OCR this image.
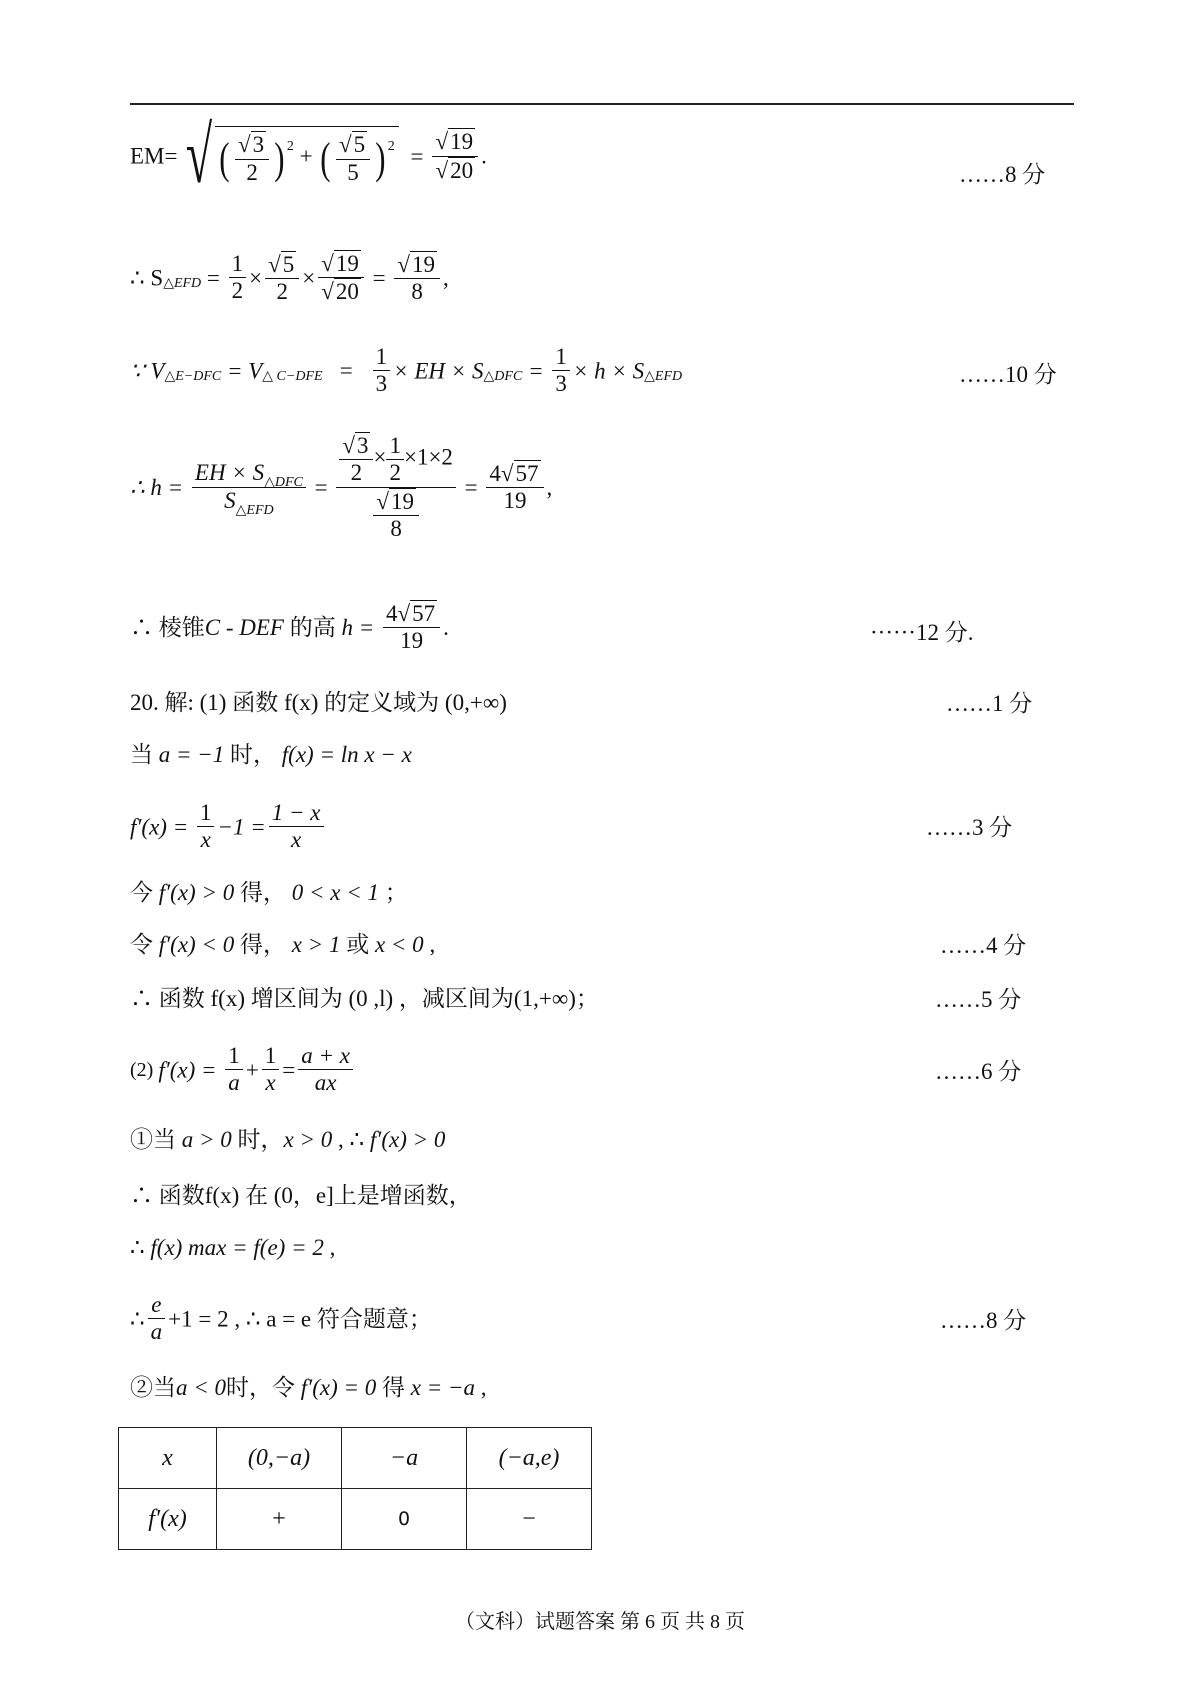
EM= √ ( $\frac{√3}{2}$ ) $^2$ + ( $\frac{√5}{5}$ ) $^2 = \frac{√19}{√20}$ .
……8 分
∴ $S_{\triangle EFD} = \frac{1}{2} \times \frac{√5}{2} \times \frac{√19}{√20} = \frac{√19}{8}$ ,
∵ $V_{\triangle E-DFC} = V_{\triangle C-DFE} = \frac{1}{3}$ × EH × $S_{\triangle DFC} = \frac{1}{3} \times h \times S_{\triangle EFD}$	……10 分
∴ $h = \frac{EH \times S_{\triangle DFC}}{S_{\triangle EFD}} = \frac{\frac{√3}{2} \times \frac{1}{2} \times 1\times 2}{\frac{√19}{8}} = \frac{4√57}{19}$ ,
∴ 棱锥C - DEF 的高 $h = \frac{4√57}{19}$ .	······12 分.
20. 解: (1) 函数 f(x) 的定义域为 (0,+∞)	……1 分
当 a = −1 时， f(x) = ln x − x
$f'(x) = \frac{1}{x} -1 = \frac{1 - x}{x}$	……3 分
今 f′(x) > 0 得， 0 < x < 1 ；
令 f′(x) < 0 得， x > 1 或 x < 0 ,	……4 分
∴ 函数 f(x) 增区间为 (0 ,l) ，减区间为(1,+∞)；	……5 分
(2) $f'(x) = \frac{1}{a} + \frac{1}{x} = \frac{a + x}{ax}$	……6 分
①当 a > 0 时，x > 0 , ∴ f′(x) > 0
∴ 函数f(x) 在 (0，e]上是增函数，
∴ f(x) max = f(e) = 2 ,
∴ $\frac{e}{a} +1 = 2$ , ∴ a = e 符合题意；	……8 分
②当a < 0时，令 f′(x) = 0 得 x = −a ,
x	(0,−a)	−a	(−a,e)
f′(x)	+	0	−
（文科）试题答案 第 6 页 共 8 页
